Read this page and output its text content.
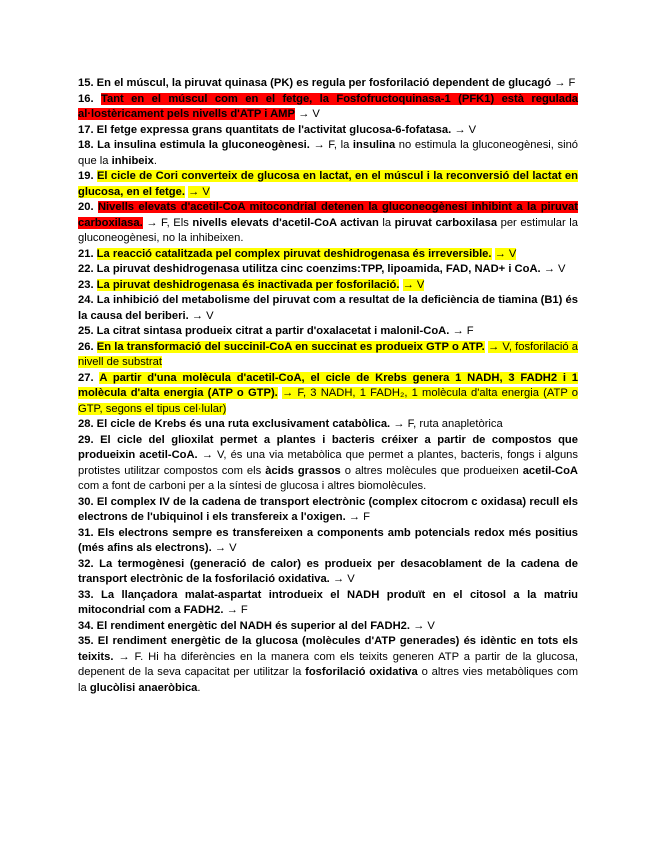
15. En el múscul, la piruvat quinasa (PK) es regula per fosforilació dependent de glucagó → F

16. Tant en el múscul com en el fetge, la Fosfofructoquinasa-1 (PFK1) està regulada al·lostèricament pels nivells d'ATP i AMP → V

17. El fetge expressa grans quantitats de l'activitat glucosa-6-fofatasa. → V

18. La insulina estimula la gluconeogènesi. → F, la insulina no estimula la gluconeogènesi, sinó que la inhibeix.

19. El cicle de Cori converteix de glucosa en lactat, en el múscul i la reconversió del lactat en glucosa, en el fetge. → V

20. Nivells elevats d'acetil-CoA mitocondrial detenen la gluconeogènesi inhibint a la piruvat carboxilasa. → F, Els nivells elevats d'acetil-CoA activan la piruvat carboxilasa per estimular la gluconeogènesi, no la inhibeixen.

21. La reacció catalitzada pel complex piruvat deshidrogenasa és irreversible. → V

22. La piruvat deshidrogenasa utilitza cinc coenzims:TPP, lipoamida, FAD, NAD+ i CoA. → V

23. La piruvat deshidrogenasa és inactivada per fosforilació. → V

24. La inhibició del metabolisme del piruvat com a resultat de la deficiència de tiamina (B1) és la causa del beriberi. → V

25. La citrat sintasa produeix citrat a partir d'oxalacetat i malonil-CoA. → F

26. En la transformació del succinil-CoA en succinat es produeix GTP o ATP. → V, fosforilació a nivell de substrat

27. A partir d'una molècula d'acetil-CoA, el cicle de Krebs genera 1 NADH, 3 FADH2 i 1 molècula d'alta energia (ATP o GTP). → F, 3 NADH, 1 FADH₂, 1 molècula d'alta energia (ATP o GTP, segons el tipus cel·lular)

28. El cicle de Krebs és una ruta exclusivament catabòlica. → F, ruta anapletòrica

29. El cicle del glioxilat permet a plantes i bacteris créixer a partir de compostos que produeixin acetil-CoA. → V, és una via metabòlica que permet a plantes, bacteris, fongs i alguns protistes utilitzar compostos com els àcids grassos o altres molècules que produeixen acetil-CoA com a font de carboni per a la síntesi de glucosa i altres biomolècules.

30. El complex IV de la cadena de transport electrònic (complex citocrom c oxidasa) recull els electrons de l'ubiquinol i els transfereix a l'oxigen. → F

31. Els electrons sempre es transfereixen a components amb potencials redox més positius (més afins als electrons). → V

32. La termogènesi (generació de calor) es produeix per desacoblament de la cadena de transport electrònic de la fosforilació oxidativa. → V

33. La llançadora malat-aspartat introdueix el NADH produït en el citosol a la matriu mitocondrial com a FADH2. → F

34. El rendiment energètic del NADH és superior al del FADH2. → V

35. El rendiment energètic de la glucosa (molècules d'ATP generades) és idèntic en tots els teixits. → F. Hi ha diferències en la manera com els teixits generen ATP a partir de la glucosa, depenent de la seva capacitat per utilitzar la fosforilació oxidativa o altres vies metabòliques com la glucòlisi anaeròbica.
